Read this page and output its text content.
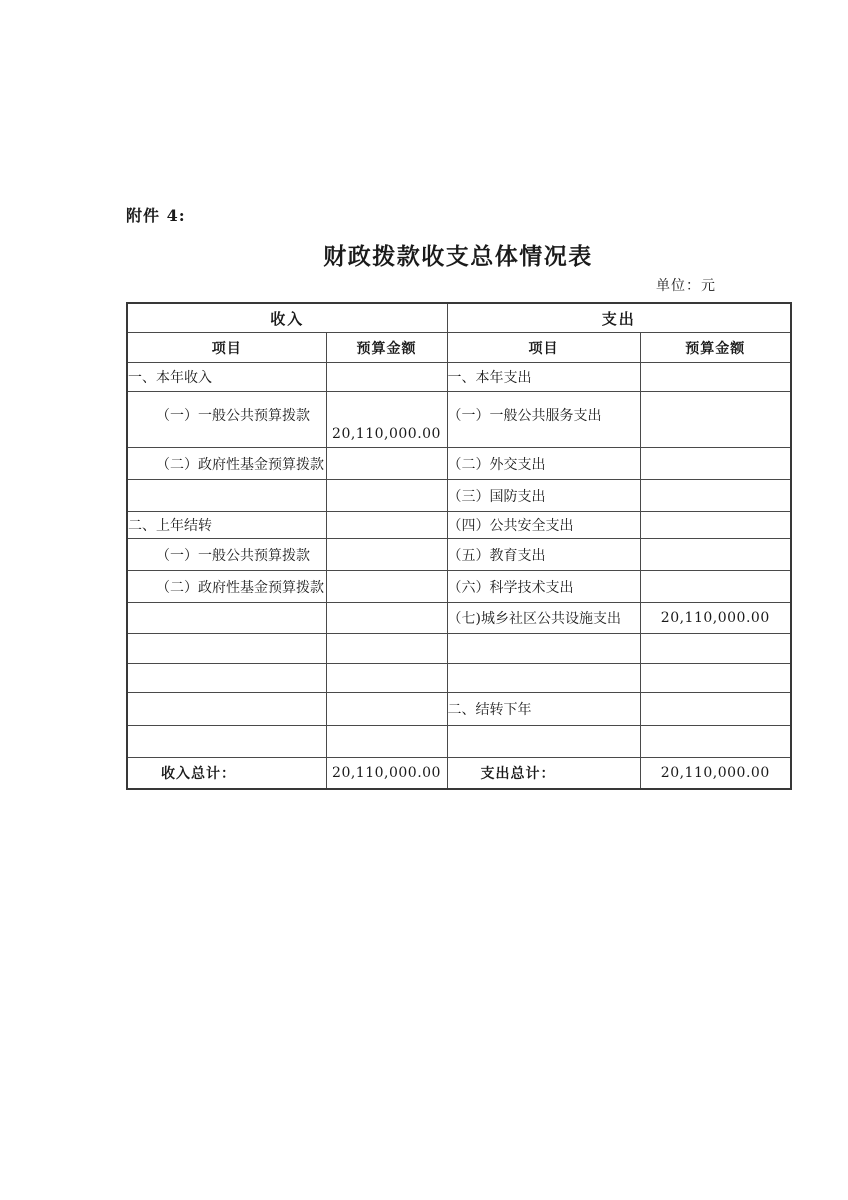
附件 4:
财政拨款收支总体情况表
单位：元
收入		支出	
项目	预算金额	项目	预算金额
一、本年收入		一、本年支出	
（一）一般公共预算拨款	20,110,000.00	（一）一般公共服务支出	
（二）政府性基金预算拨款		（二）外交支出	
		（三）国防支出	
二、上年结转		（四）公共安全支出	
（一）一般公共预算拨款		（五）教育支出	
（二）政府性基金预算拨款		（六）科学技术支出	
		（七)城乡社区公共设施支出	20,110,000.00

		二、结转下年	

收入总计：	20,110,000.00	支出总计：	20,110,000.00
